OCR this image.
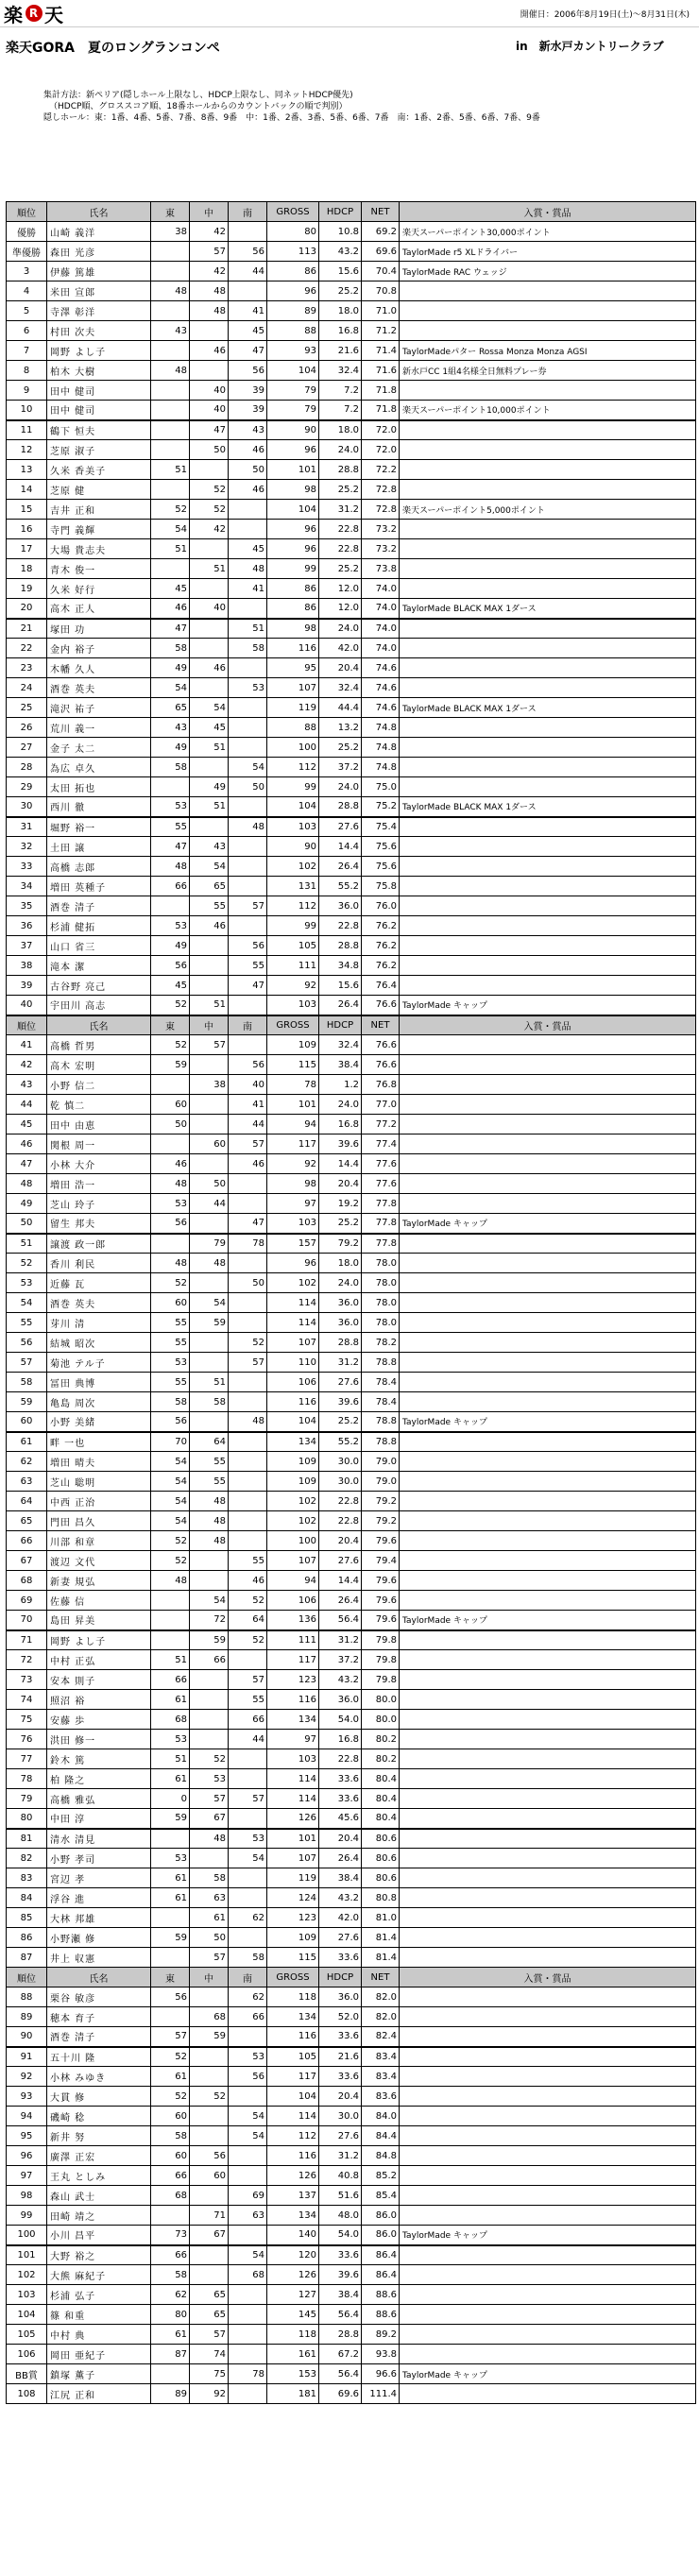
楽 R 天	開催日：2006年8月19日(土)〜8月31日(木)
楽天GORA　夏のロングランコンペ	in　 新水戸カントリークラブ
集計方法：新ペリア(隠しホール上限なし、HDCP上限なし、同ネットHDCP優先)
（HDCP順、グロススコア順、18番ホールからのカウントバックの順で判別）
隠しホール：東：1番、4番、5番、7番、8番、9番　中：1番、2番、3番、5番、6番、7番　南：1番、2番、5番、6番、7番、9番
順位	氏名	東	中	南	GROSS	HDCP	NET	入賞・賞品
優勝	山崎 義洋	38	42		80	10.8	69.2	楽天スーパーポイント30,000ポイント
準優勝	森田 光彦		57	56	113	43.2	69.6	TaylorMade r5 XLドライバー
3	伊藤 篤雄		42	44	86	15.6	70.4	TaylorMade RAC ウェッジ
4	米田 宣郎	48	48		96	25.2	70.8	
5	寺澤 彰洋		48	41	89	18.0	71.0	
6	村田 次夫	43		45	88	16.8	71.2	
7	岡野 よし子		46	47	93	21.6	71.4	TaylorMadeパター Rossa Monza Monza AGSI
8	柏木 大樹	48		56	104	32.4	71.6	新水戸CC 1組4名様全日無料プレー券
9	田中 健司		40	39	79	7.2	71.8	
10	田中 健司		40	39	79	7.2	71.8	楽天スーパーポイント10,000ポイント
11	鶴下 恒夫		47	43	90	18.0	72.0	
12	芝原 淑子		50	46	96	24.0	72.0	
13	久米 香美子	51		50	101	28.8	72.2	
14	芝原 健		52	46	98	25.2	72.8	
15	吉井 正和	52	52		104	31.2	72.8	楽天スーパーポイント5,000ポイント
16	寺門 義輝	54	42		96	22.8	73.2	
17	大場 貴志夫	51		45	96	22.8	73.2	
18	青木 俊一		51	48	99	25.2	73.8	
19	久米 好行	45		41	86	12.0	74.0	
20	高木 正人	46	40		86	12.0	74.0	TaylorMade BLACK MAX 1ダース
21	塚田 功	47		51	98	24.0	74.0	
22	金内 裕子	58		58	116	42.0	74.0	
23	木幡 久人	49	46		95	20.4	74.6	
24	酒巻 英夫	54		53	107	32.4	74.6	
25	滝沢 祐子	65	54		119	44.4	74.6	TaylorMade BLACK MAX 1ダース
26	荒川 義一	43	45		88	13.2	74.8	
27	金子 太二	49	51		100	25.2	74.8	
28	為広 卓久	58		54	112	37.2	74.8	
29	太田 拓也		49	50	99	24.0	75.0	
30	西川 徹	53	51		104	28.8	75.2	TaylorMade BLACK MAX 1ダース
31	堀野 裕一	55		48	103	27.6	75.4	
32	土田 譲	47	43		90	14.4	75.6	
33	高橋 志郎	48	54		102	26.4	75.6	
34	増田 英種子	66	65		131	55.2	75.8	
35	酒巻 清子		55	57	112	36.0	76.0	
36	杉浦 健拓	53	46		99	22.8	76.2	
37	山口 省三	49		56	105	28.8	76.2	
38	滝本 潔	56		55	111	34.8	76.2	
39	古谷野 亮己	45		47	92	15.6	76.4	
40	宇田川 高志	52	51		103	26.4	76.6	TaylorMade キャップ
順位	氏名	東	中	南	GROSS	HDCP	NET	入賞・賞品
41	高橋 哲男	52	57		109	32.4	76.6	
42	高木 宏明	59		56	115	38.4	76.6	
43	小野 信二		38	40	78	1.2	76.8	
44	乾 慎二	60		41	101	24.0	77.0	
45	田中 由恵	50		44	94	16.8	77.2	
46	関根 周一		60	57	117	39.6	77.4	
47	小林 大介	46		46	92	14.4	77.6	
48	増田 浩一	48	50		98	20.4	77.6	
49	芝山 玲子	53	44		97	19.2	77.8	
50	留生 邦夫	56		47	103	25.2	77.8	TaylorMade キャップ
51	譲渡 政一郎		79	78	157	79.2	77.8	
52	香川 利民	48	48		96	18.0	78.0	
53	近藤 瓦	52		50	102	24.0	78.0	
54	酒巻 英夫	60	54		114	36.0	78.0	
55	芽川 清	55	59		114	36.0	78.0	
56	結城 昭次	55		52	107	28.8	78.2	
57	菊池 テル子	53		57	110	31.2	78.8	
58	冨田 典博	55	51		106	27.6	78.4	
59	亀島 周次	58	58		116	39.6	78.4	
60	小野 美緒	56		48	104	25.2	78.8	TaylorMade キャップ
61	畔 一也	70	64		134	55.2	78.8	
62	増田 晴夫	54	55		109	30.0	79.0	
63	芝山 聡明	54	55		109	30.0	79.0	
64	中西 正治	54	48		102	22.8	79.2	
65	門田 昌久	54	48		102	22.8	79.2	
66	川部 和章	52	48		100	20.4	79.6	
67	渡辺 文代	52		55	107	27.6	79.4	
68	新妻 規弘	48		46	94	14.4	79.6	
69	佐藤 信		54	52	106	26.4	79.6	
70	島田 昇美		72	64	136	56.4	79.6	TaylorMade キャップ
71	岡野 よし子		59	52	111	31.2	79.8	
72	中村 正弘	51	66		117	37.2	79.8	
73	安本 則子	66		57	123	43.2	79.8	
74	照沼 裕	61		55	116	36.0	80.0	
75	安藤 歩	68		66	134	54.0	80.0	
76	洪田 修一	53		44	97	16.8	80.2	
77	鈴木 篤	51	52		103	22.8	80.2	
78	柏 隆之	61	53		114	33.6	80.4	
79	高橋 雅弘	0	57	57	114	33.6	80.4	
80	中田 淳	59	67		126	45.6	80.4	
81	清水 清見		48	53	101	20.4	80.6	
82	小野 孝司	53		54	107	26.4	80.6	
83	宮辺 孝	61	58		119	38.4	80.6	
84	浮谷 進	61	63		124	43.2	80.8	
85	大林 邦雄		61	62	123	42.0	81.0	
86	小野瀬 修	59	50		109	27.6	81.4	
87	井上 収憲		57	58	115	33.6	81.4	
順位	氏名	東	中	南	GROSS	HDCP	NET	入賞・賞品
88	栗谷 敏彦	56		62	118	36.0	82.0	
89	穂本 育子		68	66	134	52.0	82.0	
90	酒巻 清子	57	59		116	33.6	82.4	
91	五十川 隆	52		53	105	21.6	83.4	
92	小林 みゆき	61		56	117	33.6	83.4	
93	大貫 修	52	52		104	20.4	83.6	
94	磯崎 稔	60		54	114	30.0	84.0	
95	新井 努	58		54	112	27.6	84.4	
96	廣澤 正宏	60	56		116	31.2	84.8	
97	王丸 としみ	66	60		126	40.8	85.2	
98	森山 武士	68		69	137	51.6	85.4	
99	田崎 靖之		71	63	134	48.0	86.0	
100	小川 昌平	73	67		140	54.0	86.0	TaylorMade キャップ
101	大野 裕之	66		54	120	33.6	86.4	
102	大熊 麻紀子	58		68	126	39.6	86.4	
103	杉浦 弘子	62	65		127	38.4	88.6	
104	篠 和重	80	65		145	56.4	88.6	
105	中村 典	61	57		118	28.8	89.2	
106	岡田 亜紀子	87	74		161	67.2	93.8	
BB賞	鎮塚 薫子		75	78	153	56.4	96.6	TaylorMade キャップ
108	江尻 正和	89	92		181	69.6	111.4	
